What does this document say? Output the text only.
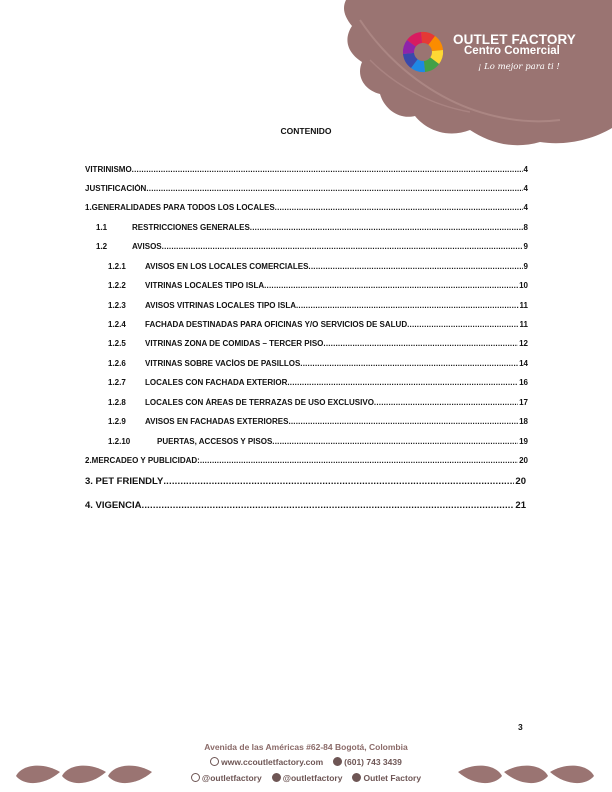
OUTLET FACTORY
Centro Comercial
¡ Lo mejor para ti !
CONTENIDO
VITRINISMO .....	4
JUSTIFICACIÓN .....	4
1.GENERALIDADES PARA TODOS LOS LOCALES .....	4
1.1	RESTRICCIONES GENERALES .....	8
1.2	AVISOS .....	9
1.2.1	AVISOS EN LOS LOCALES COMERCIALES .....	9
1.2.2	VITRINAS LOCALES TIPO ISLA .....	10
1.2.3	AVISOS VITRINAS LOCALES TIPO ISLA .....	11
1.2.4	FACHADA DESTINADAS PARA OFICINAS Y/O SERVICIOS DE SALUD .....	11
1.2.5	VITRINAS ZONA DE COMIDAS – TERCER PISO .....	12
1.2.6	VITRINAS SOBRE VACÍOS DE PASILLOS .....	14
1.2.7	LOCALES CON FACHADA EXTERIOR .....	16
1.2.8	LOCALES CON ÁREAS DE TERRAZAS DE USO EXCLUSIVO .....	17
1.2.9	AVISOS EN FACHADAS EXTERIORES .....	18
1.2.10	PUERTAS, ACCESOS Y PISOS .....	19
2.MERCADEO Y PUBLICIDAD: .....	20
3. PET FRIENDLY .....	20
4. VIGENCIA .....	21
3
Avenida de las Américas #62-84 Bogotá, Colombia
www.ccoutletfactory.com	(601) 743 3439
@outletfactory	@outletfactory	Outlet Factory
